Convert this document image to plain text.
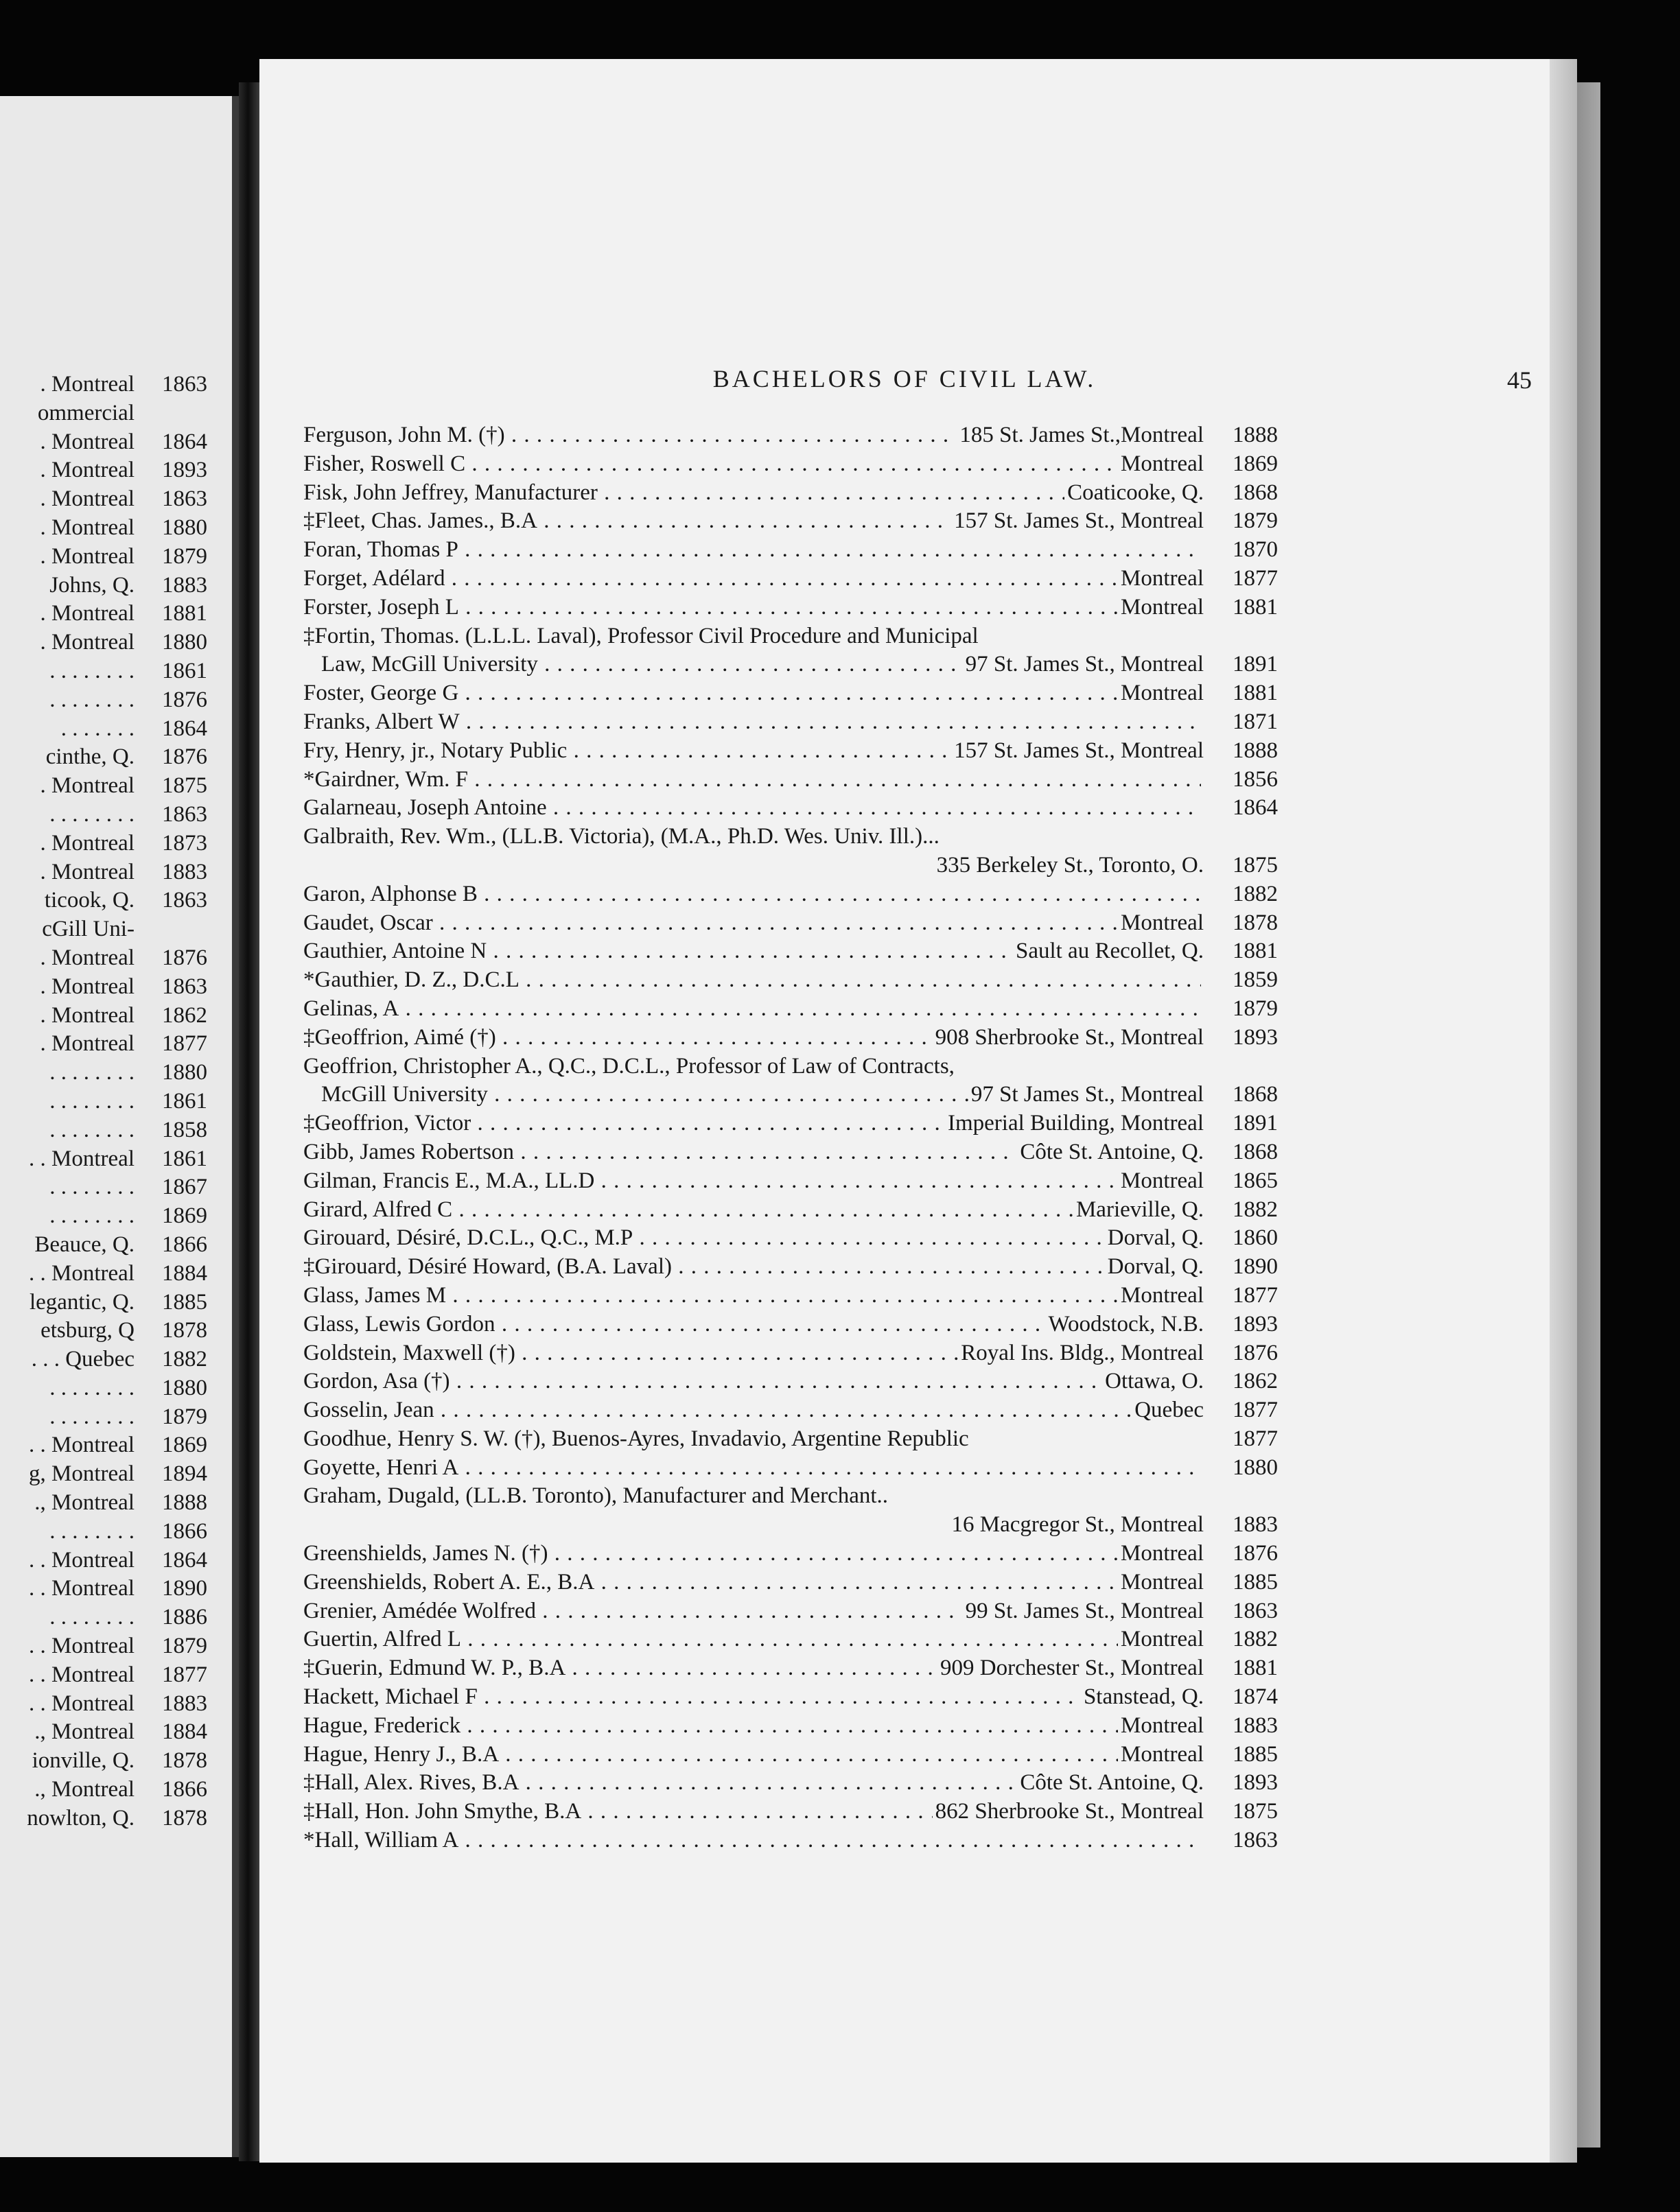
. Montreal	1863
ommercial
. Montreal	1864
. Montreal	1893
. Montreal	1863
. Montreal	1880
. Montreal	1879
Johns, Q.	1883
. Montreal	1881
. Montreal	1880
. . . . . . . .	1861
. . . . . . . .	1876
. . . . . . .	1864
cinthe, Q.	1876
. Montreal	1875
. . . . . . . .	1863
. Montreal	1873
. Montreal	1883
ticook, Q.	1863
cGill Uni-
. Montreal	1876
. Montreal	1863
. Montreal	1862
. Montreal	1877
. . . . . . . .	1880
. . . . . . . .	1861
. . . . . . . .	1858
. . Montreal	1861
. . . . . . . .	1867
. . . . . . . .	1869
Beauce, Q.	1866
. . Montreal	1884
legantic, Q.	1885
etsburg, Q	1878
. . . Quebec	1882
. . . . . . . .	1880
. . . . . . . .	1879
. . Montreal	1869
g, Montreal	1894
., Montreal	1888
. . . . . . . .	1866
. . Montreal	1864
. . Montreal	1890
. . . . . . . .	1886
. . Montreal	1879
. . Montreal	1877
. . Montreal	1883
., Montreal	1884
ionville, Q.	1878
., Montreal	1866
nowlton, Q.	1878
BACHELORS OF CIVIL LAW.	45
Ferguson, John M. (†) . . .	185 St. James St.,Montreal	1888
Fisher, Roswell C . . .	Montreal	1869
Fisk, John Jeffrey, Manufacturer . . .	Coaticooke, Q.	1868
‡Fleet, Chas. James., B.A . . .	157 St. James St., Montreal	1879
Foran, Thomas P . . .	1870
Forget, Adélard . . .	Montreal	1877
Forster, Joseph L . . .	Montreal	1881
‡Fortin, Thomas. (L.L.L. Laval), Professor Civil Procedure and Municipal
Law, McGill University . . .	97 St. James St., Montreal	1891
Foster, George G . . .	Montreal	1881
Franks, Albert W . . .	1871
Fry, Henry, jr., Notary Public . . .	157 St. James St., Montreal	1888
*Gairdner, Wm. F . . .	1856
Galarneau, Joseph Antoine . . .	1864
Galbraith, Rev. Wm., (LL.B. Victoria), (M.A., Ph.D. Wes. Univ. Ill.)...
335 Berkeley St., Toronto, O.	1875
Garon, Alphonse B . . .	1882
Gaudet, Oscar . . .	Montreal	1878
Gauthier, Antoine N . . .	Sault au Recollet, Q.	1881
*Gauthier, D. Z., D.C.L . . .	1859
Gelinas, A . . .	1879
‡Geoffrion, Aimé (†) . . .	908 Sherbrooke St., Montreal	1893
Geoffrion, Christopher A., Q.C., D.C.L., Professor of Law of Contracts,
McGill University . . .	97 St James St., Montreal	1868
‡Geoffrion, Victor . . .	Imperial Building, Montreal	1891
Gibb, James Robertson . . .	Côte St. Antoine, Q.	1868
Gilman, Francis E., M.A., LL.D . . .	Montreal	1865
Girard, Alfred C . . .	Marieville, Q.	1882
Girouard, Désiré, D.C.L., Q.C., M.P . . .	Dorval, Q.	1860
‡Girouard, Désiré Howard, (B.A. Laval) . . .	Dorval, Q.	1890
Glass, James M . . .	Montreal	1877
Glass, Lewis Gordon . . .	Woodstock, N.B.	1893
Goldstein, Maxwell (†) . . .	Royal Ins. Bldg., Montreal	1876
Gordon, Asa (†) . . .	Ottawa, O.	1862
Gosselin, Jean . . .	Quebec	1877
Goodhue, Henry S. W. (†), Buenos-Ayres, Invadavio, Argentine Republic	1877
Goyette, Henri A . . .	1880
Graham, Dugald, (LL.B. Toronto), Manufacturer and Merchant..
16 Macgregor St., Montreal	1883
Greenshields, James N. (†) . . .	Montreal	1876
Greenshields, Robert A. E., B.A . . .	Montreal	1885
Grenier, Amédée Wolfred . . .	99 St. James St., Montreal	1863
Guertin, Alfred L . . .	Montreal	1882
‡Guerin, Edmund W. P., B.A . . .	909 Dorchester St., Montreal	1881
Hackett, Michael F . . .	Stanstead, Q.	1874
Hague, Frederick . . .	Montreal	1883
Hague, Henry J., B.A . . .	Montreal	1885
‡Hall, Alex. Rives, B.A . . .	Côte St. Antoine, Q.	1893
‡Hall, Hon. John Smythe, B.A . . .	862 Sherbrooke St., Montreal	1875
*Hall, William A . . .	1863
